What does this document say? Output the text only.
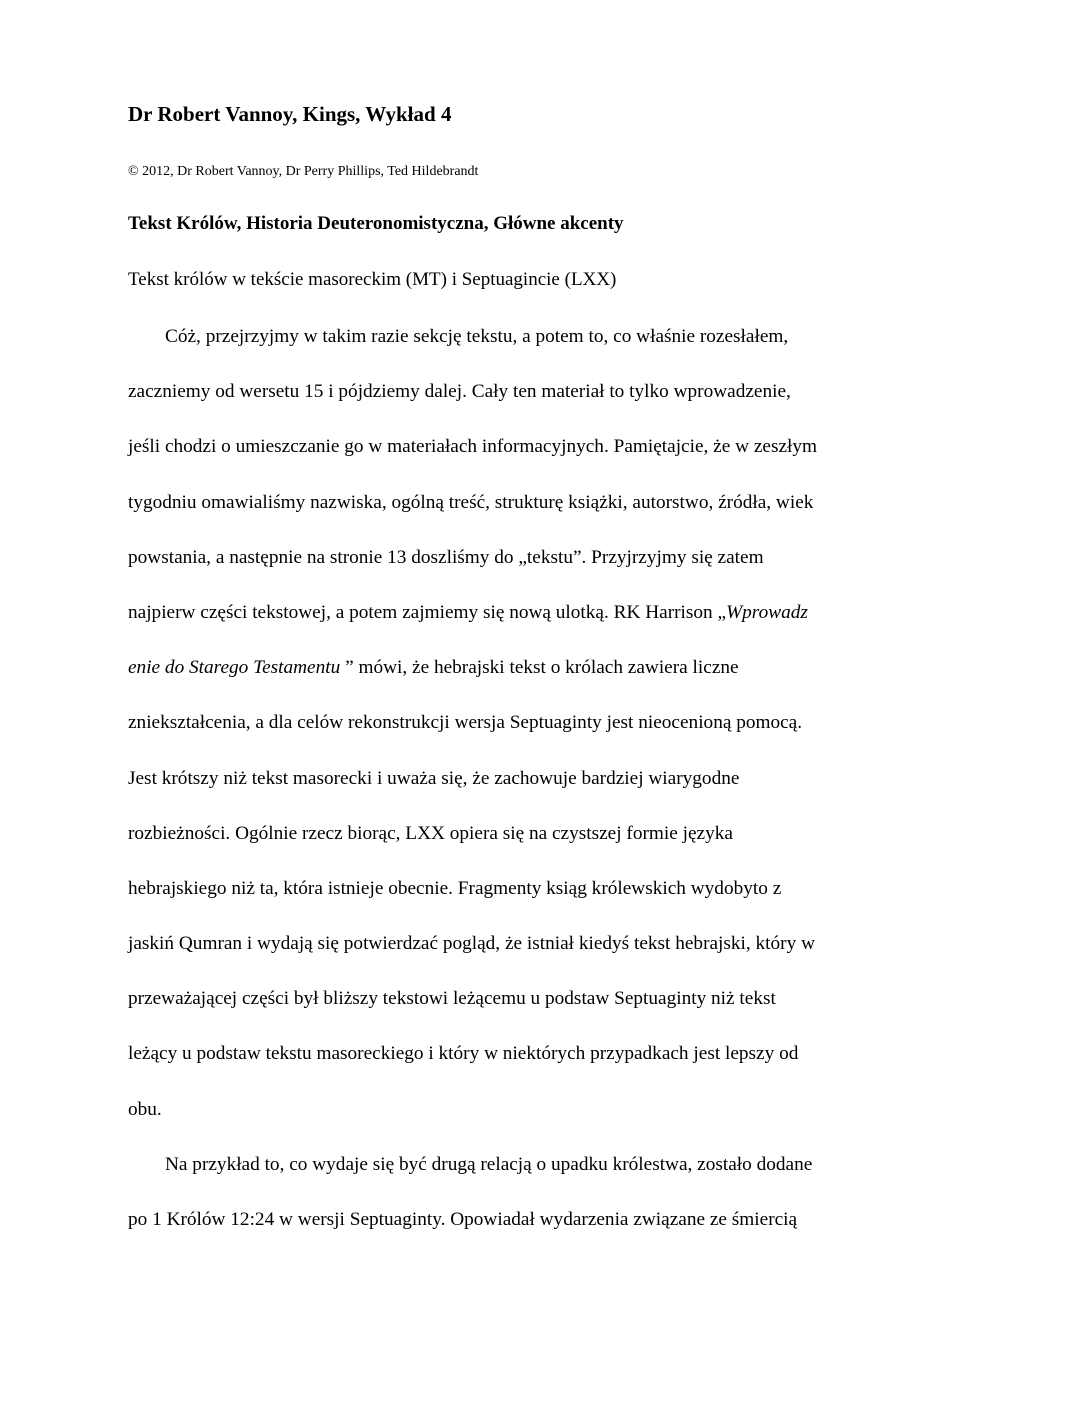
Dr Robert Vannoy, Kings, Wykład 4
© 2012, Dr Robert Vannoy, Dr Perry Phillips, Ted Hildebrandt
Tekst Królów, Historia Deuteronomistyczna, Główne akcenty
Tekst królów w tekście masoreckim (MT) i Septuagincie (LXX)
Cóż, przejrzyjmy w takim razie sekcję tekstu, a potem to, co właśnie rozesłałem,
zaczniemy od wersetu 15 i pójdziemy dalej. Cały ten materiał to tylko wprowadzenie,
jeśli chodzi o umieszczanie go w materiałach informacyjnych. Pamiętajcie, że w zeszłym
tygodniu omawialiśmy nazwiska, ogólną treść, strukturę książki, autorstwo, źródła, wiek
powstania, a następnie na stronie 13 doszliśmy do „tekstu”. Przyjrzyjmy się zatem
najpierw części tekstowej, a potem zajmiemy się nową ulotką. RK Harrison „Wprowadz
enie do Starego Testamentu ” mówi, że hebrajski tekst o królach zawiera liczne
zniekształcenia, a dla celów rekonstrukcji wersja Septuaginty jest nieocenioną pomocą.
Jest krótszy niż tekst masorecki i uważa się, że zachowuje bardziej wiarygodne
rozbieżności. Ogólnie rzecz biorąc, LXX opiera się na czystszej formie języka
hebrajskiego niż ta, która istnieje obecnie. Fragmenty ksiąg królewskich wydobyto z
jaskiń Qumran i wydają się potwierdzać pogląd, że istniał kiedyś tekst hebrajski, który w
przeważającej części był bliższy tekstowi leżącemu u podstaw Septuaginty niż tekst
leżący u podstaw tekstu masoreckiego i który w niektórych przypadkach jest lepszy od
obu.
Na przykład to, co wydaje się być drugą relacją o upadku królestwa, zostało dodane
po 1 Królów 12:24 w wersji Septuaginty. Opowiadał wydarzenia związane ze śmiercią
